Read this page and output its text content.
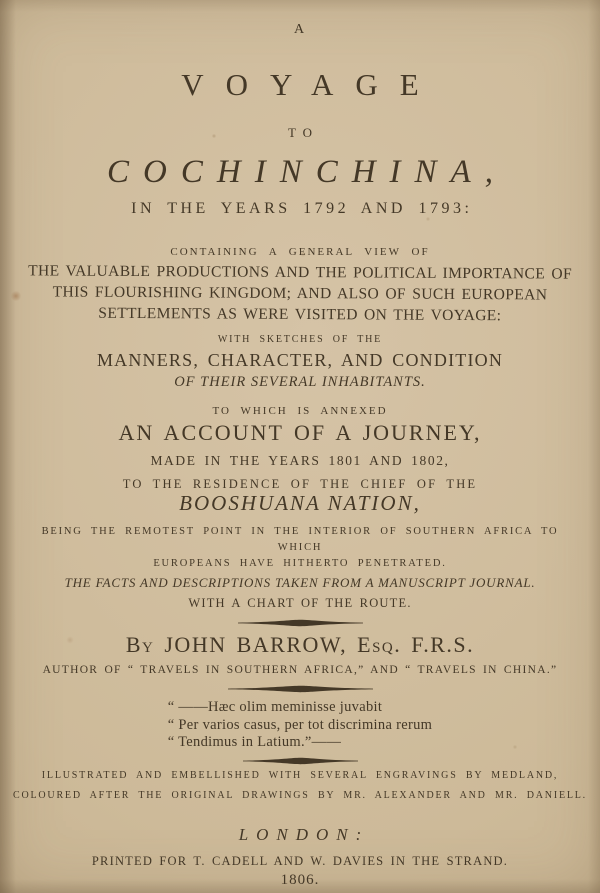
A

VOYAGE

TO

COCHINCHINA,

IN THE YEARS 1792 AND 1793:

CONTAINING A GENERAL VIEW OF

THE VALUABLE PRODUCTIONS AND THE POLITICAL IMPORTANCE OF

THIS FLOURISHING KINGDOM; AND ALSO OF SUCH EUROPEAN

SETTLEMENTS AS WERE VISITED ON THE VOYAGE:

WITH SKETCHES OF THE

MANNERS, CHARACTER, AND CONDITION

OF THEIR SEVERAL INHABITANTS.

TO WHICH IS ANNEXED

AN ACCOUNT OF A JOURNEY,

MADE IN THE YEARS 1801 AND 1802,

TO THE RESIDENCE OF THE CHIEF OF THE

BOOSHUANA NATION,

BEING THE REMOTEST POINT IN THE INTERIOR OF SOUTHERN AFRICA TO WHICH

EUROPEANS HAVE HITHERTO PENETRATED.

THE FACTS AND DESCRIPTIONS TAKEN FROM A MANUSCRIPT JOURNAL.

WITH A CHART OF THE ROUTE.

By JOHN BARROW, Esq. F.R.S.

AUTHOR OF “ TRAVELS IN SOUTHERN AFRICA,” AND “ TRAVELS IN CHINA.”

“ ——Hæc olim meminisse juvabit

“ Per varios casus, per tot discrimina rerum

“ Tendimus in Latium.”——

ILLUSTRATED AND EMBELLISHED WITH SEVERAL ENGRAVINGS BY MEDLAND,

COLOURED AFTER THE ORIGINAL DRAWINGS BY MR. ALEXANDER AND MR. DANIELL.

LONDON:

PRINTED FOR T. CADELL AND W. DAVIES IN THE STRAND.

1806.
